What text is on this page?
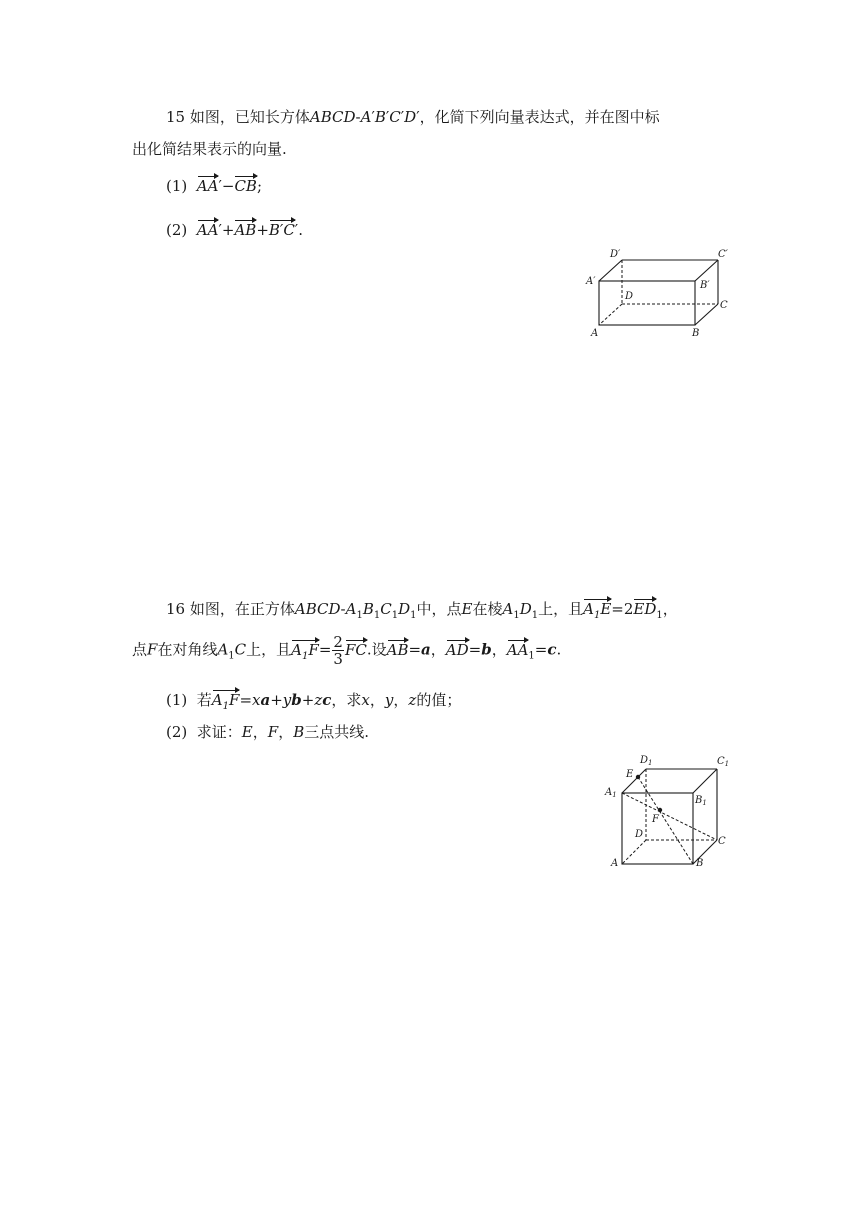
15 如图，已知长方体ABCD-A′B′C′D′，化简下列向量表达式，并在图中标
出化简结果表示的向量.
(1) AA′−CB;
(2) AA′+AB+B′C′.
D′	C′
A′	B′
D
C
A	B
16 如图，在正方体ABCD-$A_1B_1C_1D_1$中，点E在棱$A_1D_1$上，且$A_1E=2ED_1$，
点F在对角线$A_1C$上，且$A_1F= \frac{2}{3}$ FC.设AB=a，AD=b，$AA_1=c$.
(1)  若$A_1F=xa+yb+zc$，求x，y，z的值；
(2)  求证：E，F，B三点共线.
$D_1$	$C_1$
E
$A_1$	$B_1$
F
D
C
A	B
